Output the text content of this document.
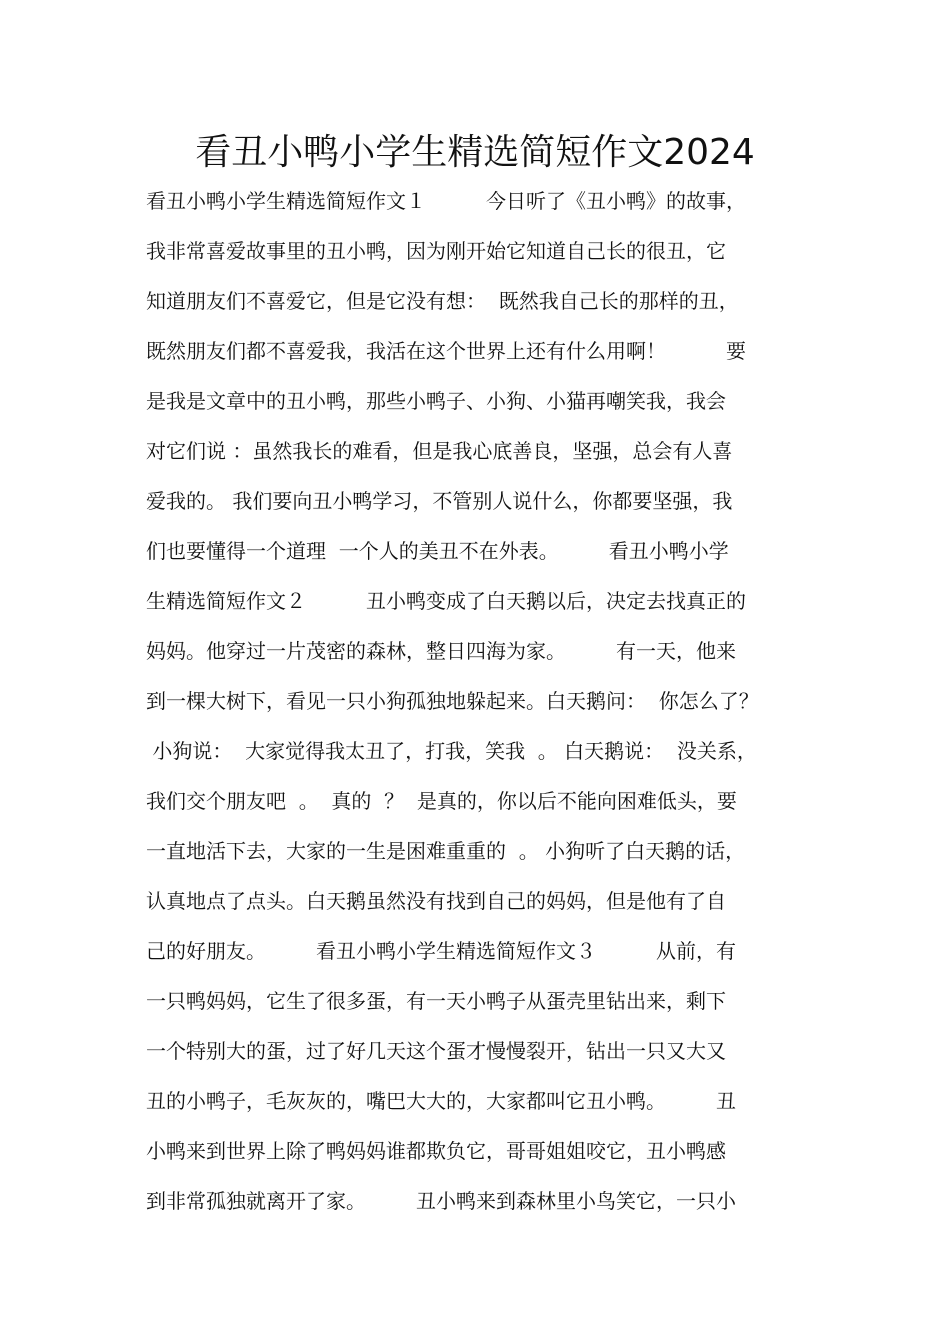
看丑小鸭小学生精选简短作文2024
看丑小鸭小学生精选简短作文１　　　今日听了《丑小鸭》的故事，
我非常喜爱故事里的丑小鸭，因为刚开始它知道自己长的很丑，它
知道朋友们不喜爱它，但是它没有想：  既然我自己长的那样的丑，
既然朋友们都不喜爱我，我活在这个世界上还有什么用啊！　　　要
是我是文章中的丑小鸭，那些小鸭子、小狗、小猫再嘲笑我，我会
对它们说 ：虽然我长的难看，但是我心底善良，坚强，总会有人喜
爱我的。 我们要向丑小鸭学习，不管别人说什么，你都要坚强，我
们也要懂得一个道理  一个人的美丑不在外表。　　　看丑小鸭小学
生精选简短作文２　　　丑小鸭变成了白天鹅以后，决定去找真正的
妈妈。他穿过一片茂密的森林，整日四海为家。　　　有一天，他来
到一棵大树下，看见一只小狗孤独地躲起来。白天鹅问：  你怎么了？
小狗说：  大家觉得我太丑了，打我，笑我  。 白天鹅说：  没关系，
我们交个朋友吧  。  真的  ？  是真的，你以后不能向困难低头，要
一直地活下去，大家的一生是困难重重的  。 小狗听了白天鹅的话，
认真地点了点头。白天鹅虽然没有找到自己的妈妈，但是他有了自
己的好朋友。　　　看丑小鸭小学生精选简短作文３　　　从前，有
一只鸭妈妈，它生了很多蛋，有一天小鸭子从蛋壳里钻出来，剩下
一个特别大的蛋，过了好几天这个蛋才慢慢裂开，钻出一只又大又
丑的小鸭子，毛灰灰的，嘴巴大大的，大家都叫它丑小鸭。　　　丑
小鸭来到世界上除了鸭妈妈谁都欺负它，哥哥姐姐咬它，丑小鸭感
到非常孤独就离开了家。　　　丑小鸭来到森林里小鸟笑它，一只小
